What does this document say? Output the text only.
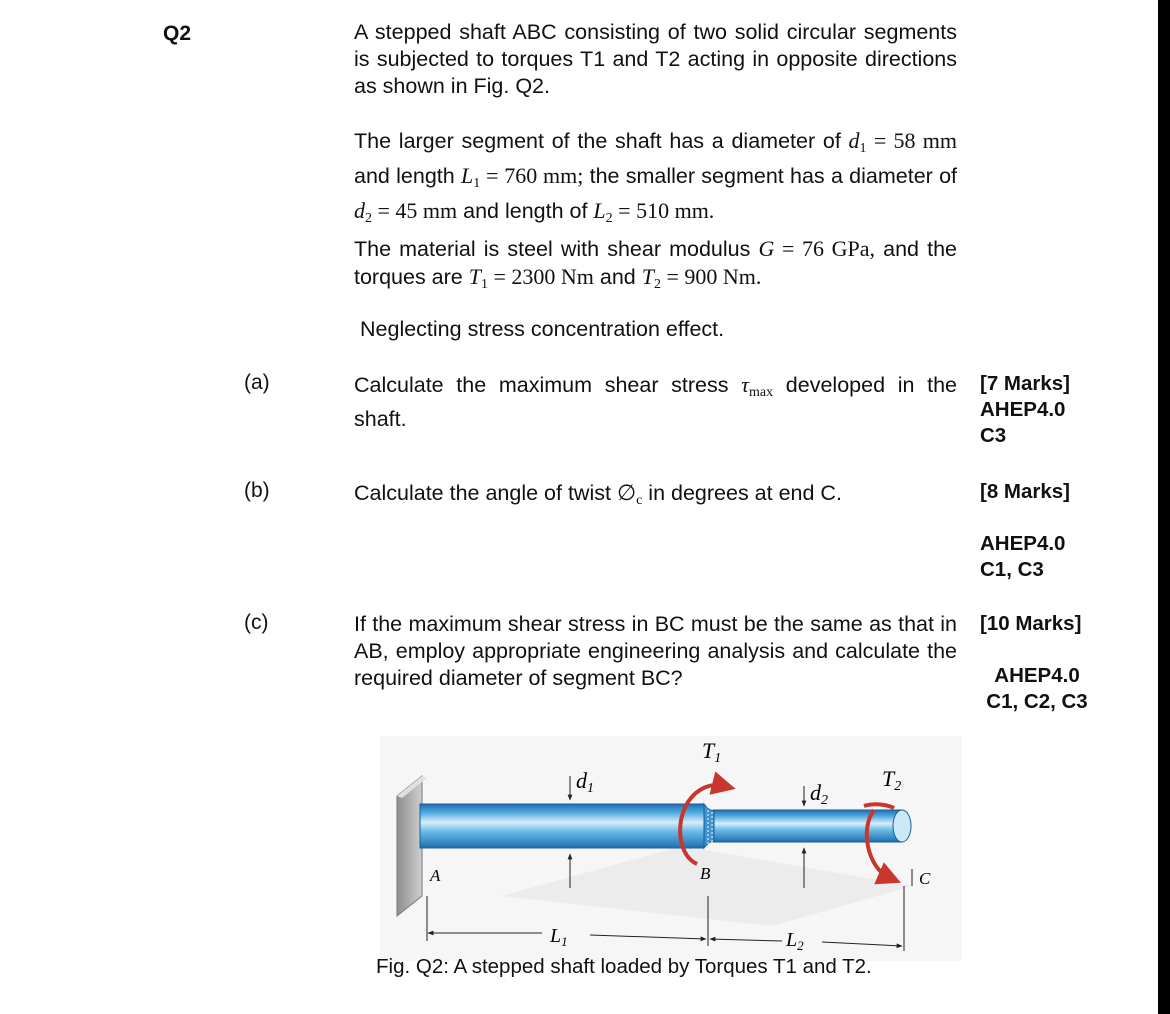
Q2	A stepped shaft ABC consisting of two solid circular segments is subjected to torques T1 and T2 acting in opposite directions as shown in Fig. Q2.
The larger segment of the shaft has a diameter of $d_1 = 58$ mm and length $L_1 = 760$ mm; the smaller segment has a diameter of $d_2 = 45$ mm and length of $L_2 = 510$ mm.
The material is steel with shear modulus G = 76 GPa, and the torques are $T_1 = 2300$ Nm and $T_2 = 900$ Nm.
Neglecting stress concentration effect.
(a)	Calculate the maximum shear stress $\tau_{max}$ developed in the shaft.
[7 Marks]
AHEP4.0
C3
(b)	Calculate the angle of twist $\emptyset_c$ in degrees at end C.	[8 Marks]
AHEP4.0
C1, C3
(c)	If the maximum shear stress in BC must be the same as that in AB, employ appropriate engineering analysis and calculate the required diameter of segment BC?
[10 Marks]
AHEP4.0
C1, C2, C3
A	B	C
T1
T2
d1	d2
$L_1$	$L_2$
Fig. Q2: A stepped shaft loaded by Torques T1 and T2.
